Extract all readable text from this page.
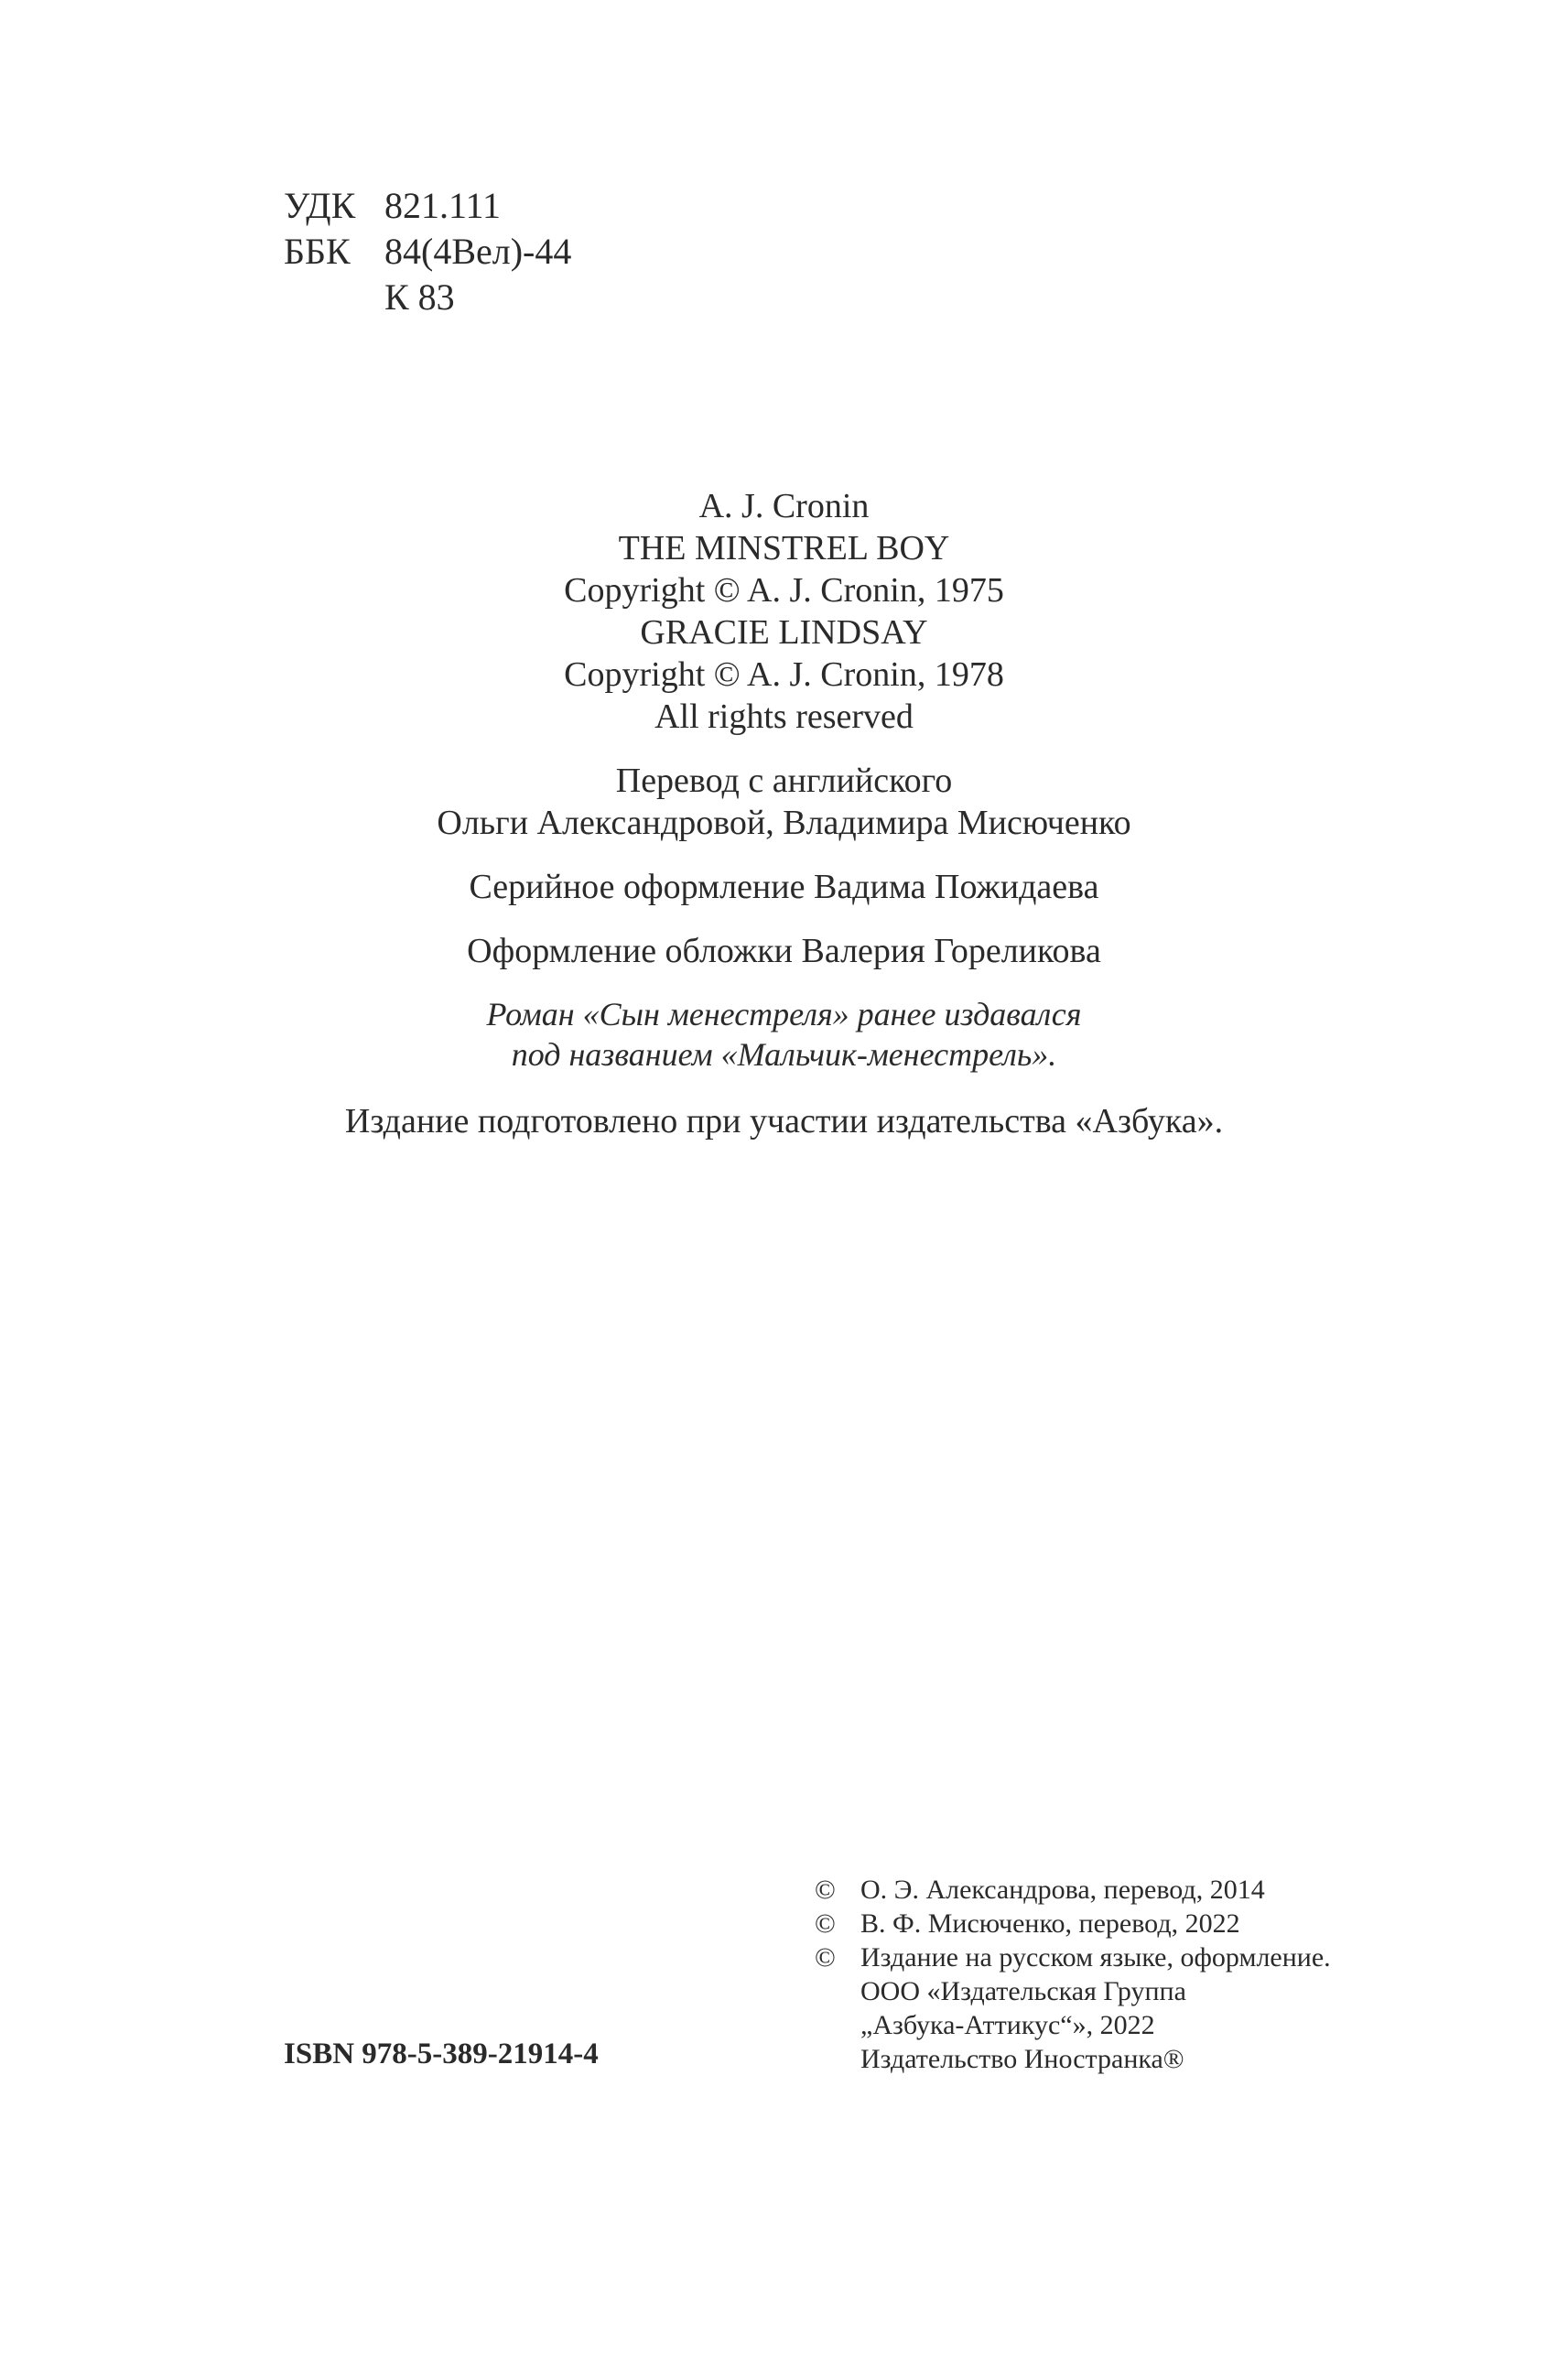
УДК 821.111
ББК 84(4Вел)-44
К 83
A. J. Cronin
THE MINSTREL BOY
Copyright © A. J. Cronin, 1975
GRACIE LINDSAY
Copyright © A. J. Cronin, 1978
All rights reserved
Перевод с английского
Ольги Александровой, Владимира Мисюченко
Серийное оформление Вадима Пожидаева
Оформление обложки Валерия Гореликова
Роман «Сын менестреля» ранее издавался
под названием «Мальчик-менестрель».
Издание подготовлено при участии издательства «Азбука».
ISBN 978-5-389-21914-4
© О. Э. Александрова, перевод, 2014
© В. Ф. Мисюченко, перевод, 2022
© Издание на русском языке, оформление.
ООО «Издательская Группа
„Азбука-Аттикус“», 2022
Издательство Иностранка®
